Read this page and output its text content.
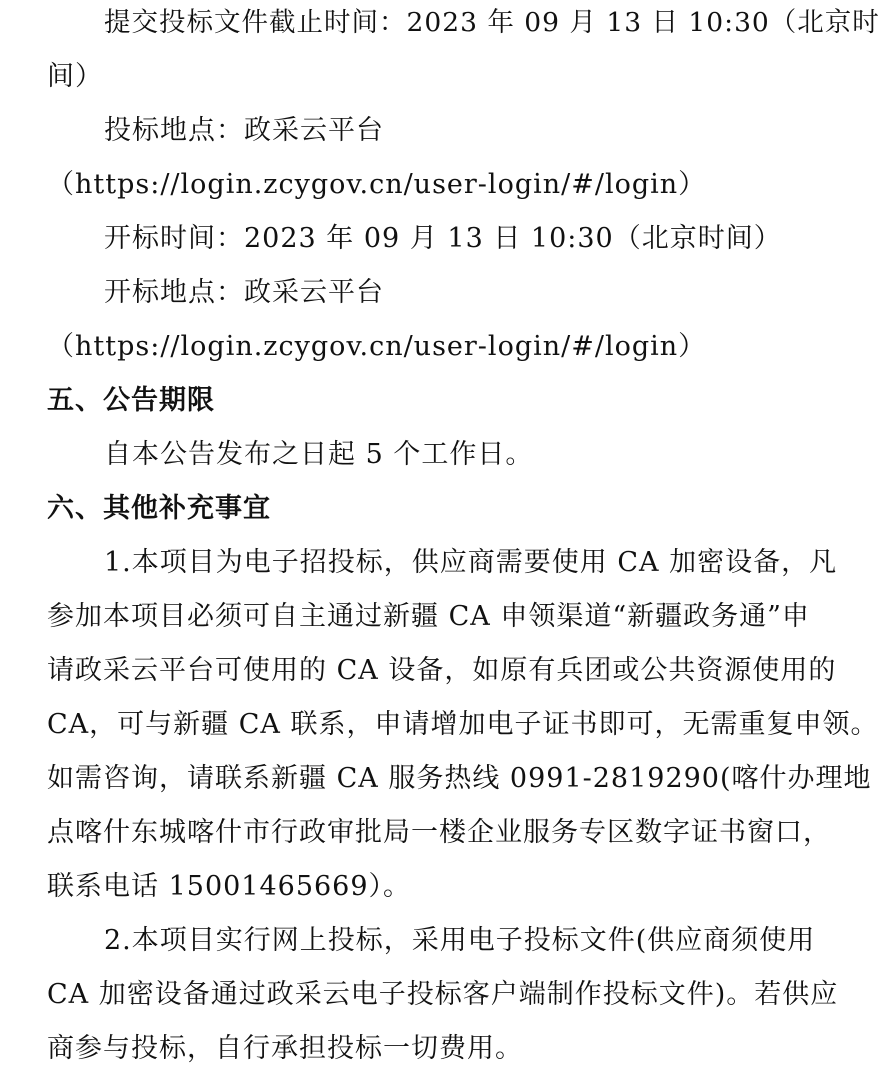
提交投标文件截止时间：2023 年 09 月 13 日 10:30（北京时
间）
投标地点：政采云平台
（https://login.zcygov.cn/user-login/#/login）
开标时间：2023 年 09 月 13 日 10:30（北京时间）
开标地点：政采云平台
（https://login.zcygov.cn/user-login/#/login）
五、公告期限
自本公告发布之日起 5 个工作日。
六、其他补充事宜
1.本项目为电子招投标，供应商需要使用 CA 加密设备，凡
参加本项目必须可自主通过新疆 CA 申领渠道“新疆政务通”申
请政采云平台可使用的 CA 设备，如原有兵团或公共资源使用的
CA，可与新疆 CA 联系，申请增加电子证书即可，无需重复申领。
如需咨询，请联系新疆 CA 服务热线 0991-2819290(喀什办理地
点喀什东城喀什市行政审批局一楼企业服务专区数字证书窗口，
联系电话 15001465669）。
2.本项目实行网上投标，采用电子投标文件(供应商须使用
CA 加密设备通过政采云电子投标客户端制作投标文件)。若供应
商参与投标，自行承担投标一切费用。
